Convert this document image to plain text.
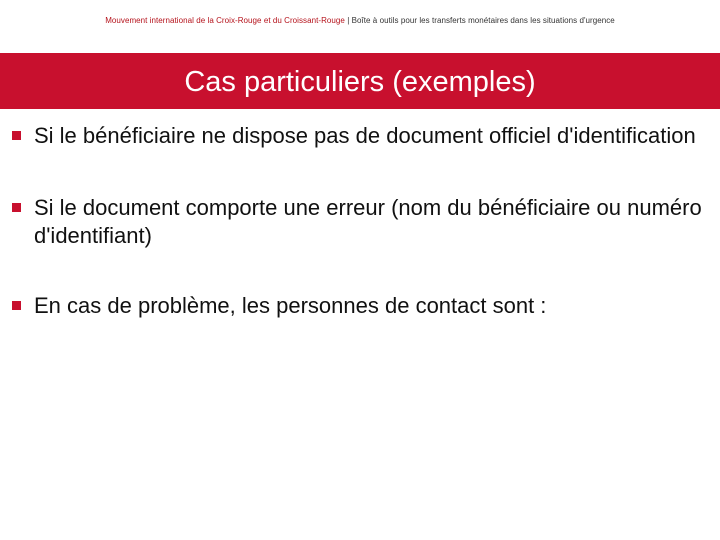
Mouvement international de la Croix-Rouge et du Croissant-Rouge | Boîte à outils pour les transferts monétaires dans les situations d'urgence
Cas particuliers (exemples)
Si le bénéficiaire ne dispose pas de document officiel d'identification
Si le document comporte une erreur (nom du bénéficiaire ou numéro d'identifiant)
En cas de problème, les personnes de contact sont :
